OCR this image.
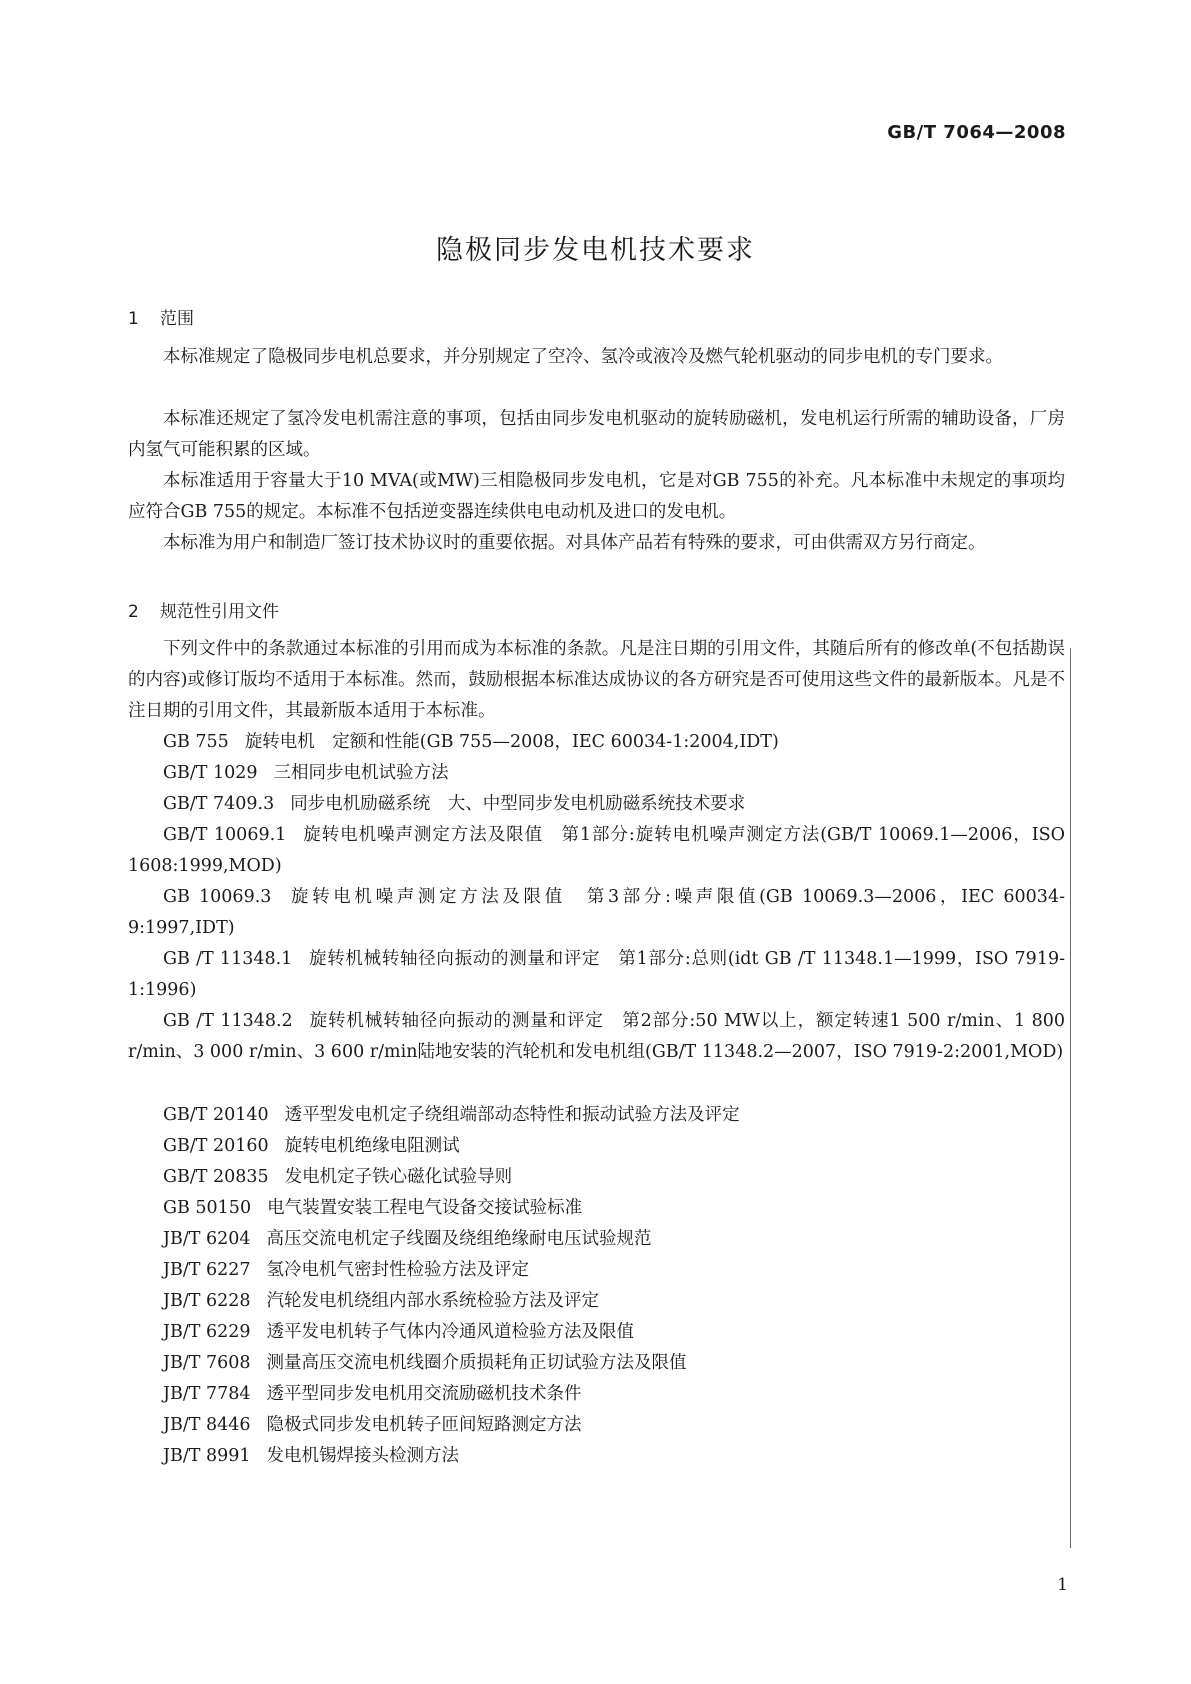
GB/T 7064—2008
隐极同步发电机技术要求
1 范围

本标准规定了隐极同步电机总要求，并分别规定了空冷、氢冷或液冷及燃气轮机驱动的同步电机的专门要求。

本标准还规定了氢冷发电机需注意的事项，包括由同步发电机驱动的旋转励磁机，发电机运行所需的辅助设备，厂房内氢气可能积累的区域。

本标准适用于容量大于10 MVA(或MW)三相隐极同步发电机，它是对GB 755的补充。凡本标准中未规定的事项均应符合GB 755的规定。本标准不包括逆变器连续供电电动机及进口的发电机。

本标准为用户和制造厂签订技术协议时的重要依据。对具体产品若有特殊的要求，可由供需双方另行商定。

2 规范性引用文件

下列文件中的条款通过本标准的引用而成为本标准的条款。凡是注日期的引用文件，其随后所有的修改单(不包括勘误的内容)或修订版均不适用于本标准。然而，鼓励根据本标准达成协议的各方研究是否可使用这些文件的最新版本。凡是不注日期的引用文件，其最新版本适用于本标准。

GB 755 旋转电机　定额和性能(GB 755—2008，IEC 60034-1:2004,IDT)

GB/T 1029 三相同步电机试验方法

GB/T 7409.3 同步电机励磁系统　大、中型同步发电机励磁系统技术要求

GB/T 10069.1 旋转电机噪声测定方法及限值　第1部分:旋转电机噪声测定方法(GB/T 10069.1—2006，ISO 1608:1999,MOD)

GB 10069.3 旋转电机噪声测定方法及限值　第3部分:噪声限值(GB 10069.3—2006，IEC 60034-9:1997,IDT)

GB /T 11348.1 旋转机械转轴径向振动的测量和评定　第1部分:总则(idt GB /T 11348.1—1999，ISO 7919-1:1996)

GB /T 11348.2 旋转机械转轴径向振动的测量和评定　第2部分:50 MW以上，额定转速1 500 r/min、1 800 r/min、3 000 r/min、3 600 r/min陆地安装的汽轮机和发电机组(GB/T 11348.2—2007，ISO 7919-2:2001,MOD)

GB/T 20140 透平型发电机定子绕组端部动态特性和振动试验方法及评定

GB/T 20160 旋转电机绝缘电阻测试

GB/T 20835 发电机定子铁心磁化试验导则

GB 50150 电气装置安装工程电气设备交接试验标准

JB/T 6204 高压交流电机定子线圈及绕组绝缘耐电压试验规范

JB/T 6227 氢冷电机气密封性检验方法及评定

JB/T 6228 汽轮发电机绕组内部水系统检验方法及评定

JB/T 6229 透平发电机转子气体内冷通风道检验方法及限值

JB/T 7608 测量高压交流电机线圈介质损耗角正切试验方法及限值

JB/T 7784 透平型同步发电机用交流励磁机技术条件

JB/T 8446 隐极式同步发电机转子匝间短路测定方法

JB/T 8991 发电机锡焊接头检测方法

1
